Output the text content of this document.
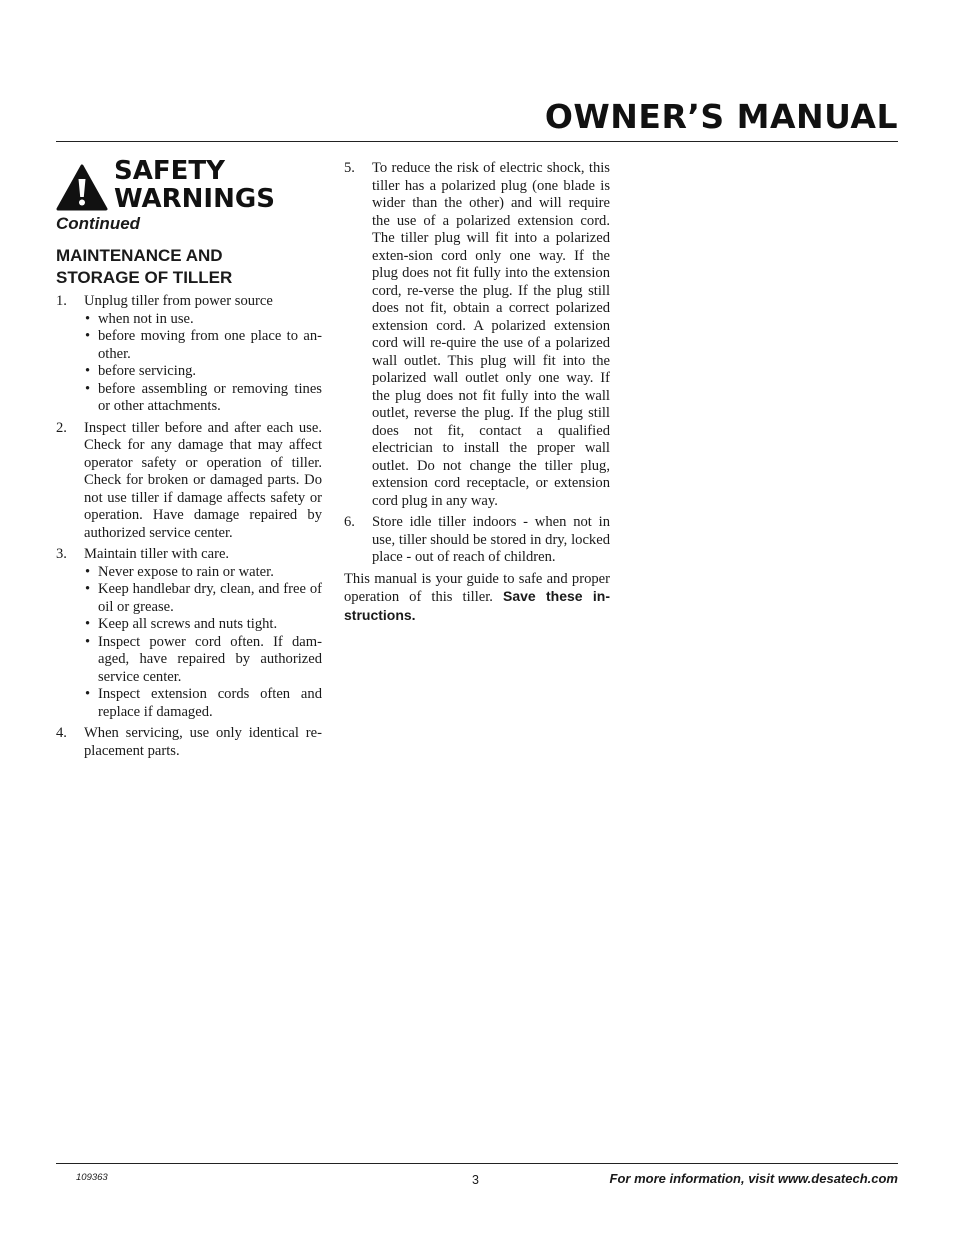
OWNER’S MANUAL
SAFETY
WARNINGS
Continued
MAINTENANCE AND
STORAGE OF TILLER
1. Unplug tiller from power source
• when not in use.
• before moving from one place to an-other.
• before servicing.
• before assembling or removing tines or other attachments.
2. Inspect tiller before and after each use. Check for any damage that may affect operator safety or operation of tiller. Check for broken or damaged parts. Do not use tiller if damage affects safety or operation. Have damage repaired by authorized service center.
3. Maintain tiller with care.
• Never expose to rain or water.
• Keep handlebar dry, clean, and free of oil or grease.
• Keep all screws and nuts tight.
• Inspect power cord often. If dam-aged, have repaired by authorized service center.
• Inspect extension cords often and replace if damaged.
4. When servicing, use only identical re-placement parts.
5. To reduce the risk of electric shock, this tiller has a polarized plug (one blade is wider than the other) and will require the use of a polarized extension cord. The tiller plug will fit into a polarized exten-sion cord only one way. If the plug does not fit fully into the extension cord, re-verse the plug. If the plug still does not fit, obtain a correct polarized extension cord. A polarized extension cord will re-quire the use of a polarized wall outlet. This plug will fit into the polarized wall outlet only one way. If the plug does not fit fully into the wall outlet, reverse the plug. If the plug still does not fit, contact a qualified electrician to install the proper wall outlet. Do not change the tiller plug, extension cord receptacle, or extension cord plug in any way.
6. Store idle tiller indoors - when not in use, tiller should be stored in dry, locked place - out of reach of children.
This manual is your guide to safe and proper operation of this tiller. Save these in-structions.
109363	3	For more information, visit www.desatech.com
